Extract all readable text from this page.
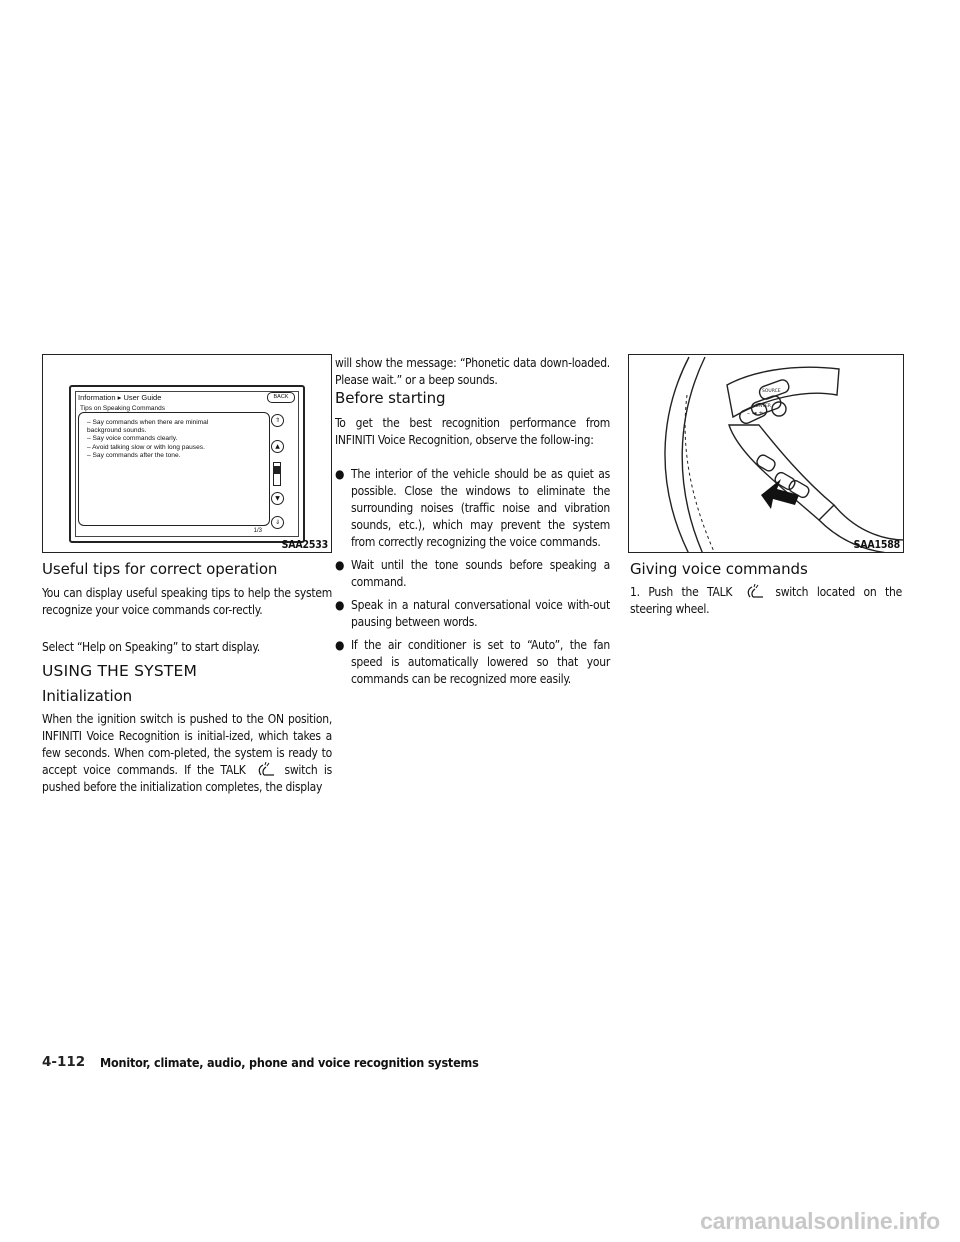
Information ▸ User Guide	BACK
Tips on Speaking Commands
– Say commands when there are minimal
background sounds.
– Say voice commands clearly.
– Avoid talking slow or with long pauses.
– Say commands after the tone.
⇑
▲
▼
⇓
1/3
SAA2533
– ◄ +
SOURCE
ENTER
SAA1588
Useful tips for correct operation

You can display useful speaking tips to help the system recognize your voice commands cor-rectly.

Select “Help on Speaking” to start display.

USING THE SYSTEM
Initialization

When the ignition switch is pushed to the ON position, INFINITI Voice Recognition is initial-ized, which takes a few seconds. When com-pleted, the system is ready to accept voice commands. If the TALK	switch is pushed before the initialization completes, the display

will show the message: “Phonetic data down-loaded. Please wait.” or a beep sounds.

Before starting

To get the best recognition performance from INFINITI Voice Recognition, observe the follow-ing:

● The interior of the vehicle should be as quiet as possible. Close the windows to eliminate the surrounding noises (traffic noise and vibration sounds, etc.), which may prevent the system from correctly recognizing the voice commands.
● Wait until the tone sounds before speaking a command.
● Speak in a natural conversational voice with-out pausing between words.
● If the air conditioner is set to “Auto”, the fan speed is automatically lowered so that your commands can be recognized more easily.
Giving voice commands
1. Push the TALK	switch located on the steering wheel.
4-112 Monitor, climate, audio, phone and voice recognition systems
carmanualsonline.info
